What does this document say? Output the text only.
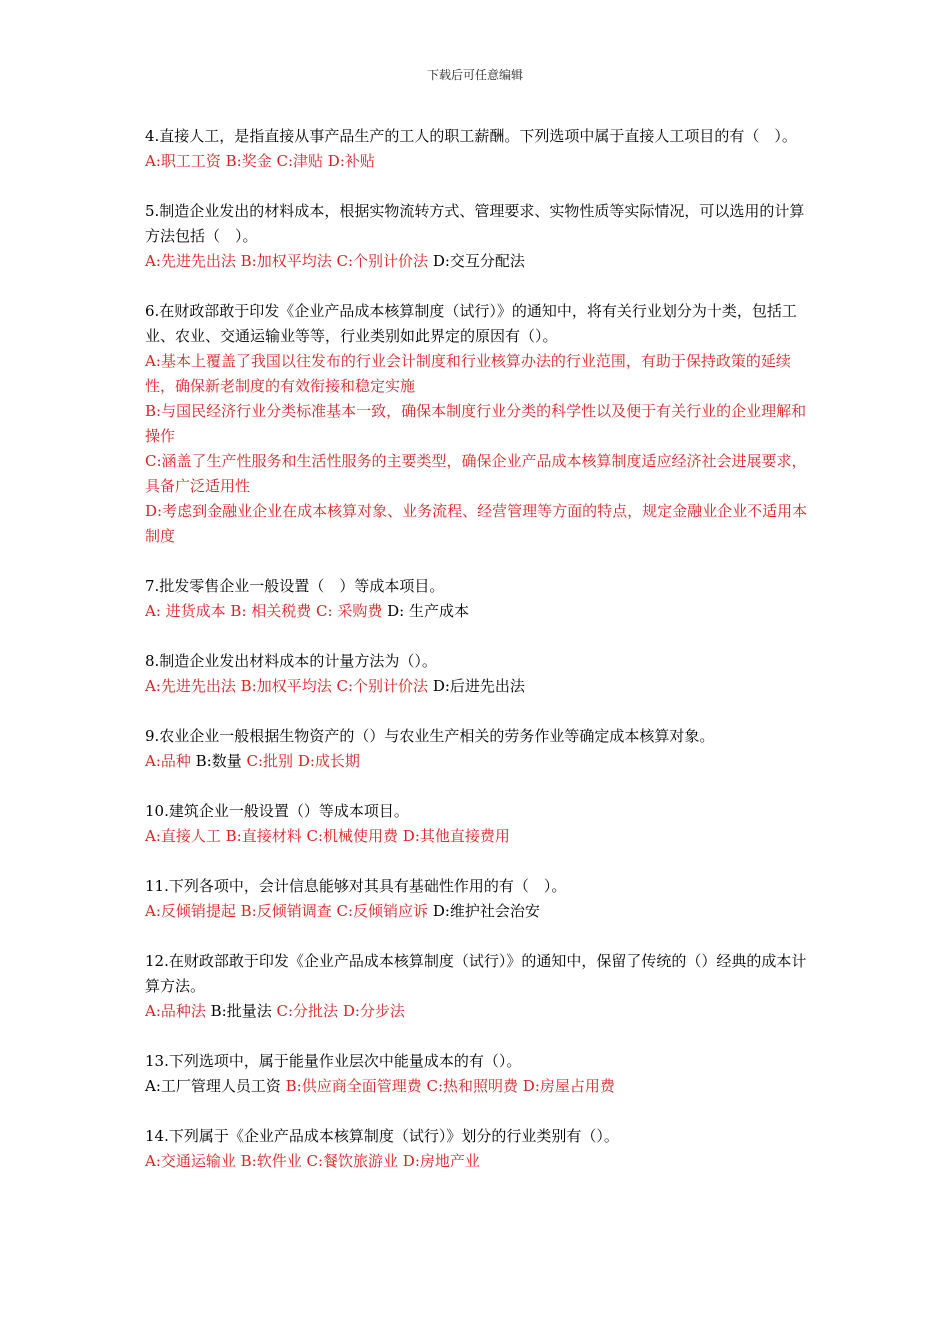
下载后可任意编辑
4.直接人工，是指直接从事产品生产的工人的职工薪酬。下列选项中属于直接人工项目的有（　）。
A:职工工资 B:奖金 C:津贴 D:补贴
5.制造企业发出的材料成本，根据实物流转方式、管理要求、实物性质等实际情况，可以选用的计算方法包括（　）。
A:先进先出法 B:加权平均法 C:个别计价法 D:交互分配法
6.在财政部敢于印发《企业产品成本核算制度（试行）》的通知中，将有关行业划分为十类，包括工业、农业、交通运输业等等，行业类别如此界定的原因有（）。
A:基本上覆盖了我国以往发布的行业会计制度和行业核算办法的行业范围，有助于保持政策的延续性，确保新老制度的有效衔接和稳定实施
B:与国民经济行业分类标准基本一致，确保本制度行业分类的科学性以及便于有关行业的企业理解和操作
C:涵盖了生产性服务和生活性服务的主要类型，确保企业产品成本核算制度适应经济社会进展要求，具备广泛适用性
D:考虑到金融业企业在成本核算对象、业务流程、经营管理等方面的特点，规定金融业企业不适用本制度
7.批发零售企业一般设置（　）等成本项目。
A: 进货成本 B: 相关税费 C: 采购费 D: 生产成本
8.制造企业发出材料成本的计量方法为（）。
A:先进先出法 B:加权平均法 C:个别计价法 D:后进先出法
9.农业企业一般根据生物资产的（）与农业生产相关的劳务作业等确定成本核算对象。
A:品种 B:数量 C:批别 D:成长期
10.建筑企业一般设置（）等成本项目。
A:直接人工 B:直接材料 C:机械使用费 D:其他直接费用
11.下列各项中，会计信息能够对其具有基础性作用的有（　）。
A:反倾销提起 B:反倾销调查 C:反倾销应诉 D:维护社会治安
12.在财政部敢于印发《企业产品成本核算制度（试行）》的通知中，保留了传统的（）经典的成本计算方法。
A:品种法 B:批量法 C:分批法 D:分步法
13.下列选项中，属于能量作业层次中能量成本的有（）。
A:工厂管理人员工资 B:供应商全面管理费 C:热和照明费 D:房屋占用费
14.下列属于《企业产品成本核算制度（试行）》划分的行业类别有（）。
A:交通运输业 B:软件业 C:餐饮旅游业 D:房地产业
